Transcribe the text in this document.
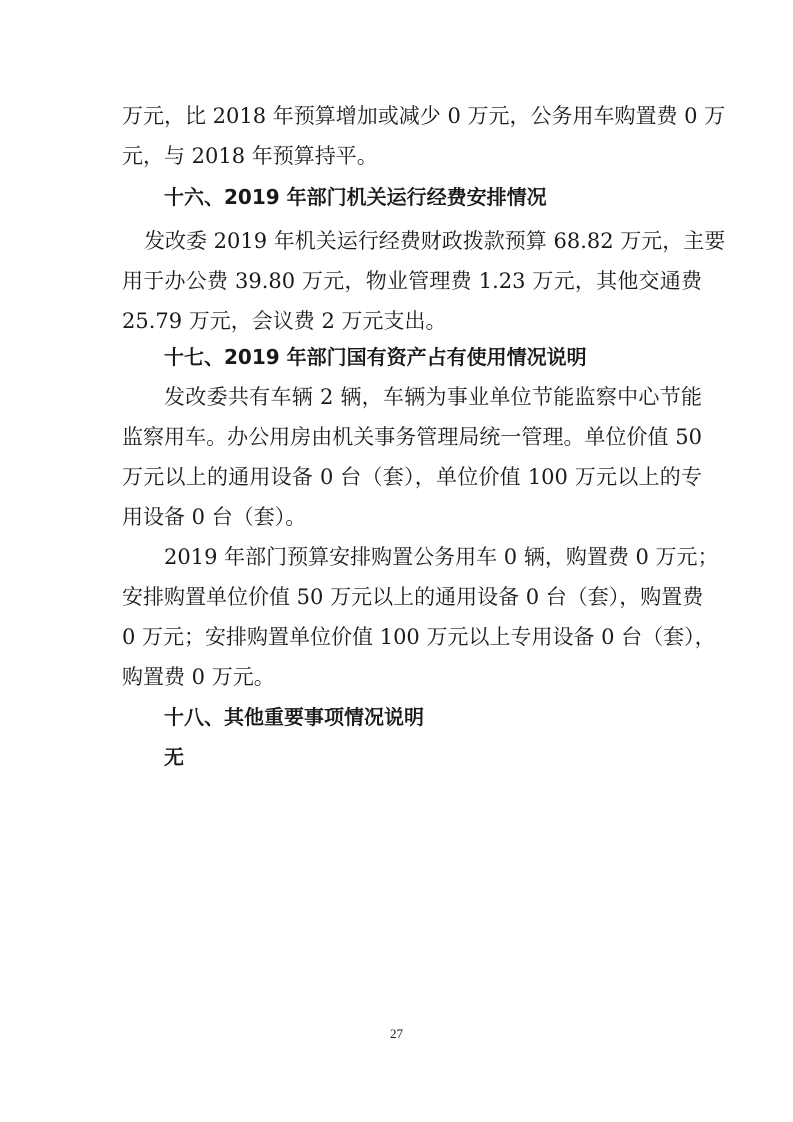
万元，比 2018 年预算增加或减少 0 万元，公务用车购置费 0 万
元，与 2018 年预算持平。
十六、2019 年部门机关运行经费安排情况
发改委 2019 年机关运行经费财政拨款预算 68.82 万元，主要
用于办公费 39.80 万元，物业管理费 1.23 万元，其他交通费
25.79 万元，会议费 2 万元支出。
十七、2019 年部门国有资产占有使用情况说明
发改委共有车辆 2 辆，车辆为事业单位节能监察中心节能
监察用车。办公用房由机关事务管理局统一管理。单位价值 50
万元以上的通用设备 0 台（套），单位价值 100 万元以上的专
用设备 0 台（套）。
2019 年部门预算安排购置公务用车 0 辆，购置费 0 万元；
安排购置单位价值 50 万元以上的通用设备 0 台（套），购置费
0 万元；安排购置单位价值 100 万元以上专用设备 0 台（套），
购置费 0 万元。
十八、其他重要事项情况说明
无
27
